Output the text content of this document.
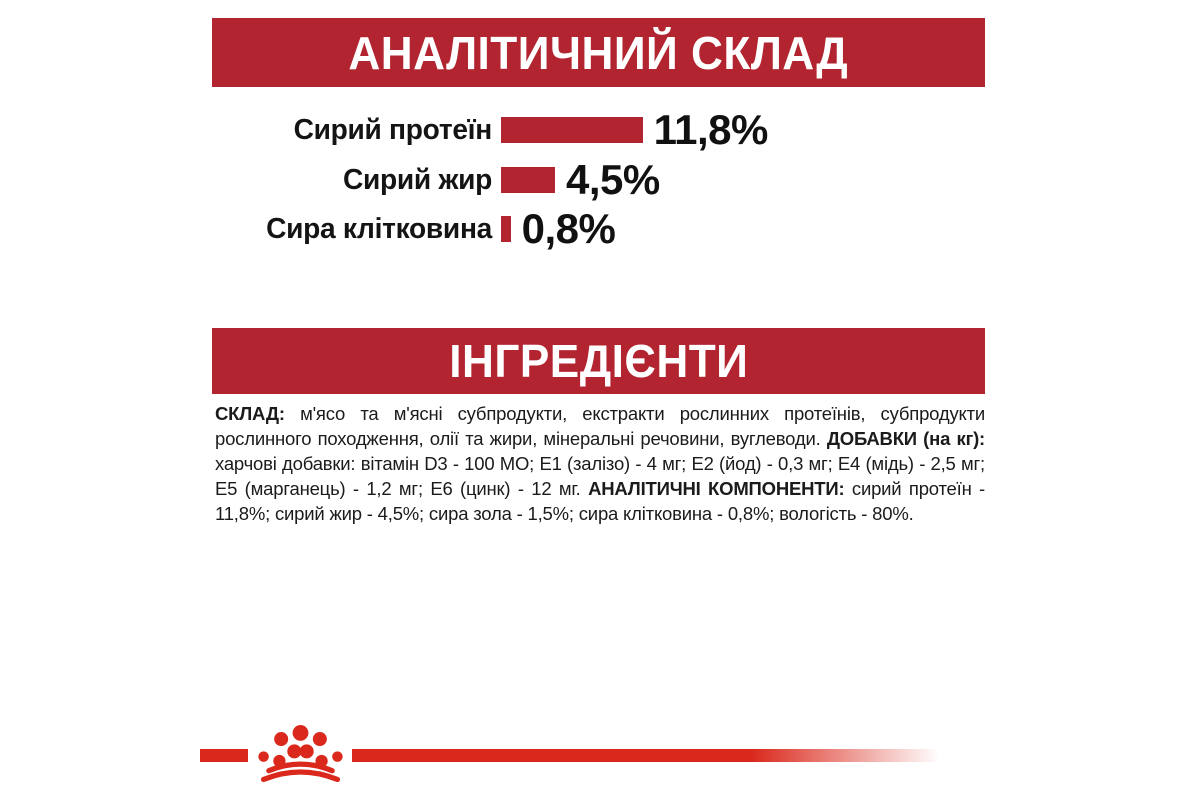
АНАЛІТИЧНИЙ СКЛАД
Сирий протеїн	11,8%
Сирий жир 4,5%
Сира клітковина 0,8%
ІНГРЕДІЄНТИ
СКЛАД: м'ясо та м'ясні субпродукти, екстракти рослинних протеїнів, субпродукти рослинного походження, олії та жири, мінеральні речовини, вуглеводи. ДОБАВКИ (на кг): харчові добавки: вітамін D3 - 100 МО; E1 (залізо) - 4 мг; E2 (йод) - 0,3 мг; E4 (мідь) - 2,5 мг; E5 (марганець) - 1,2 мг; E6 (цинк) - 12 мг. АНАЛІТИЧНІ КОМПОНЕНТИ: сирий протеїн - 11,8%; сирий жир - 4,5%; сира зола - 1,5%; сира клітковина - 0,8%; вологість - 80%.
